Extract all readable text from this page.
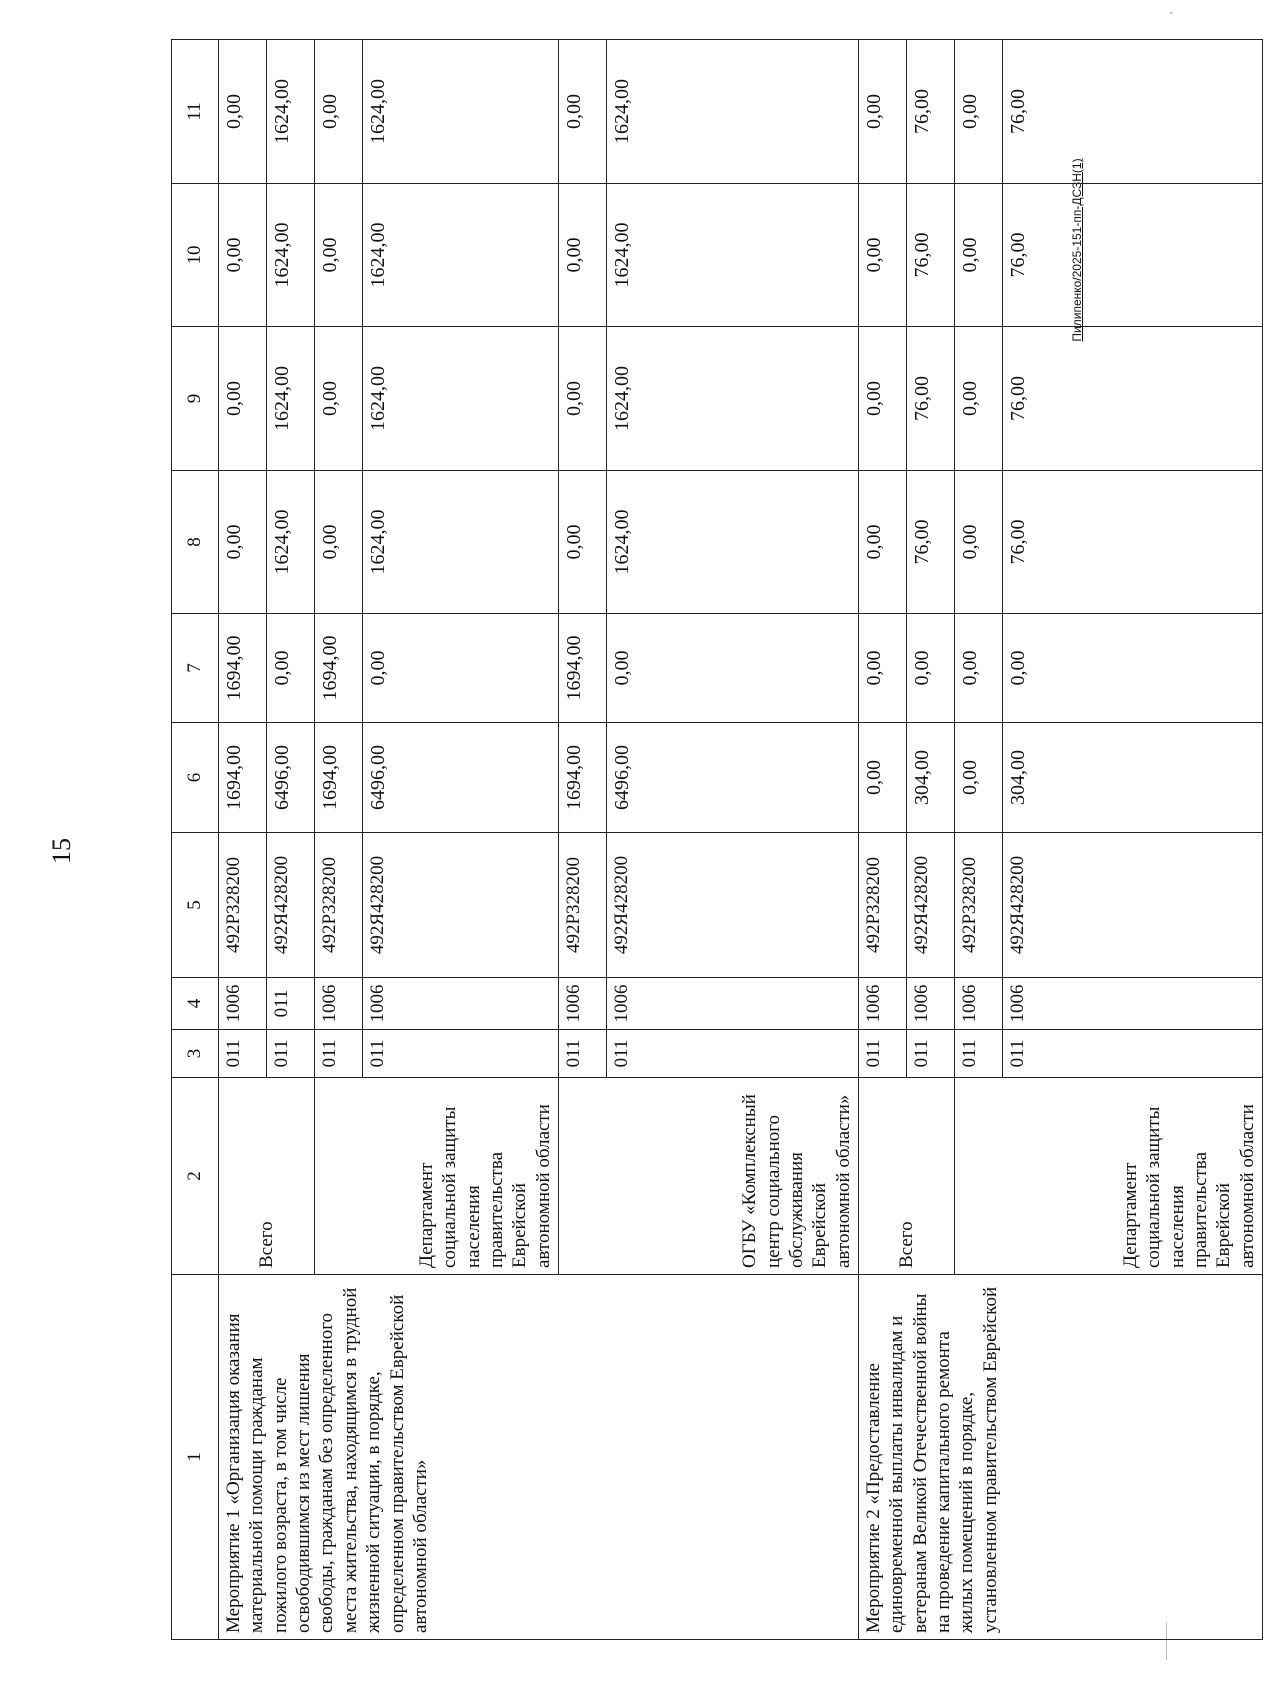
15
Пилипенко/2025-151-пп-ДСЗН(1)
1	2	3	4	5	6	7	8	9	10	11
Мероприятие 1 «Организация оказания материальной помощи гражданам пожилого возраста, в том числе освободившимся из мест лишения свободы, гражданам без определенного места жительства, находящимся в трудной жизненной ситуации, в порядке, определенном правительством Еврейской автономной области»	Всего	011	1006	492Р328200	1694,00	1694,00	0,00	0,00	0,00	0,00
		011	011	492Я428200	6496,00	0,00	1624,00	1624,00	1624,00	1624,00
	Департамент социальной защиты населения правительства Еврейской автономной области	011	1006	492Р328200	1694,00	1694,00	0,00	0,00	0,00	0,00
		011	1006	492Я428200	6496,00	0,00	1624,00	1624,00	1624,00	1624,00
	ОГБУ «Комплексный центр социального обслуживания Еврейской автономной области»	011	1006	492Р328200	1694,00	1694,00	0,00	0,00	0,00	0,00
		011	1006	492Я428200	6496,00	0,00	1624,00	1624,00	1624,00	1624,00
Мероприятие 2 «Предоставление единовременной выплаты инвалидам и ветеранам Великой Отечественной войны на проведение капитального ремонта жилых помещений в порядке, установленном правительством Еврейской	Всего	011	1006	492Р328200	0,00	0,00	0,00	0,00	0,00	0,00
		011	1006	492Я428200	304,00	0,00	76,00	76,00	76,00	76,00
	Департамент социальной защиты населения правительства Еврейской автономной области	011	1006	492Р328200	0,00	0,00	0,00	0,00	0,00	0,00
		011	1006	492Я428200	304,00	0,00	76,00	76,00	76,00	76,00
